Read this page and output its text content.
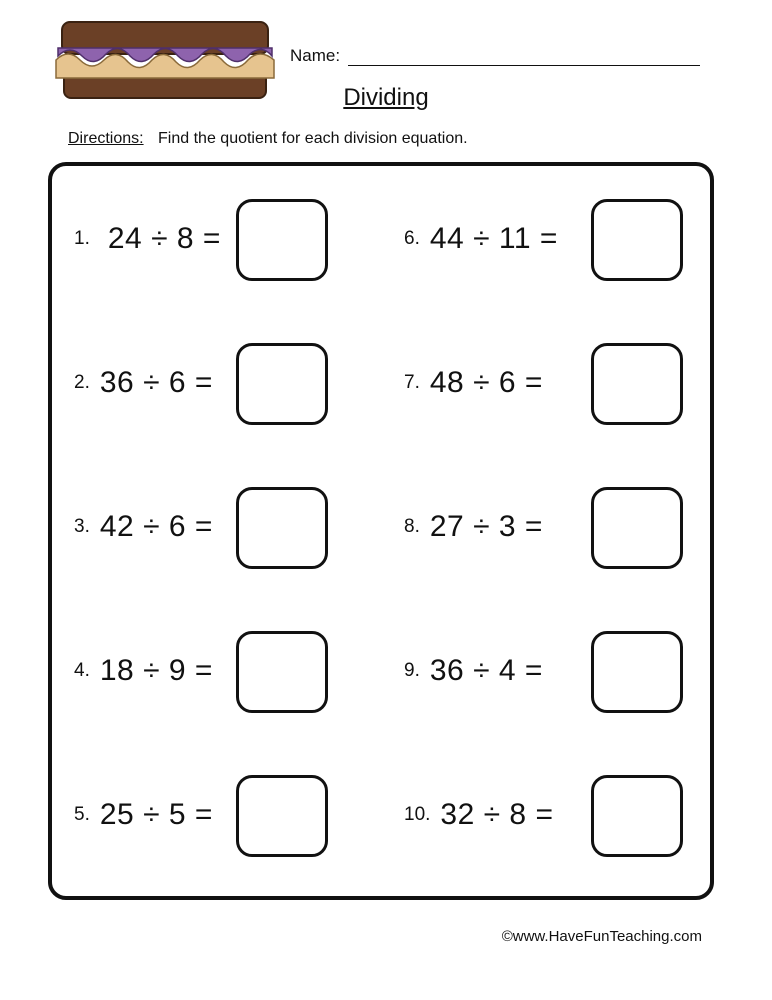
Name:
Dividing
Directions: Find the quotient for each division equation.
1. 24 ÷ 8 =
2. 36 ÷ 6 =
3. 42 ÷ 6 =
4. 18 ÷ 9 =
5. 25 ÷ 5 =
6. 44 ÷ 11 =
7. 48 ÷ 6 =
8. 27 ÷ 3 =
9. 36 ÷ 4 =
10. 32 ÷ 8 =
©www.HaveFunTeaching.com
